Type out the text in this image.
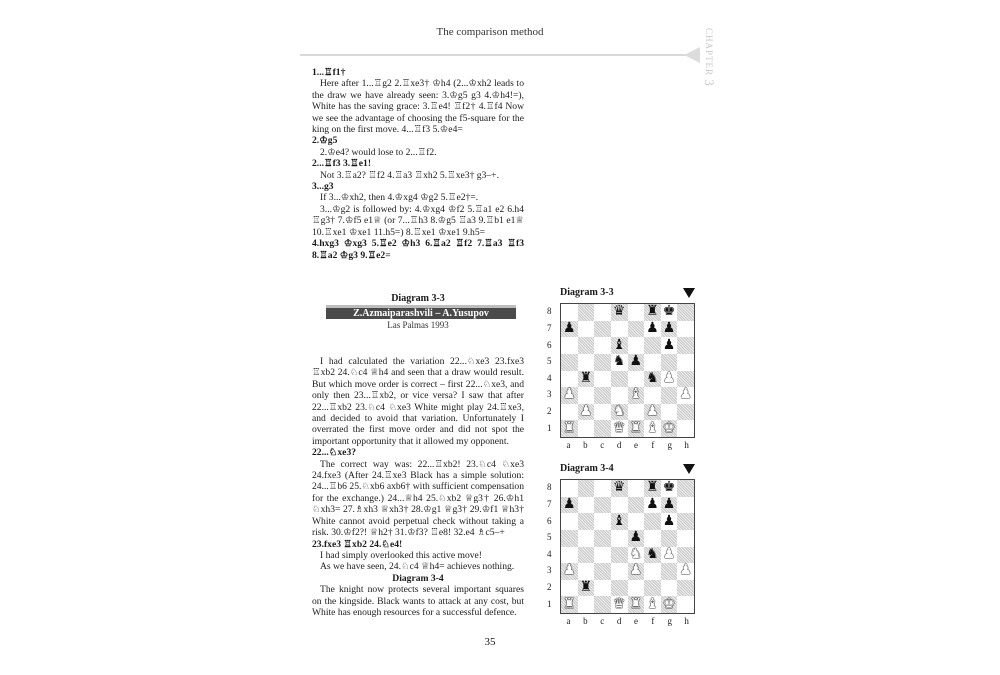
The comparison method	CHAPTER 3

1...♖f1†

Here after 1...♖g2 2.♖xe3† ♔h4 (2...♔xh2 leads to the draw we have already seen: 3.♔g5 g3 4.♔h4!=), White has the saving grace: 3.♖e4! ♖f2† 4.♖f4 Now we see the advantage of choosing the f5-square for the king on the first move. 4...♖f3 5.♔e4=

2.♔g5

2.♔e4? would lose to 2...♖f2.

2...♖f3 3.♖e1!

Not 3.♖a2? ♖f2 4.♖a3 ♖xh2 5.♖xe3† g3–+.

3...g3

If 3...♔xh2, then 4.♔xg4 ♔g2 5.♖e2†=.

3...♔g2 is followed by: 4.♔xg4 ♔f2 5.♖a1 e2 6.h4 ♖g3† 7.♔f5 e1♕ (or 7...♖h3 8.♔g5 ♖a3 9.♖b1 e1♕ 10.♖xe1 ♔xe1 11.h5=) 8.♖xe1 ♔xe1 9.h5=

4.hxg3 ♔xg3 5.♖e2 ♔h3 6.♖a2 ♖f2 7.♖a3 ♖f3 8.♖a2 ♔g3 9.♖e2=

Diagram 3-3
Z.Azmaiparashvili – A.Yusupov
Las Palmas 1993

I had calculated the variation 22...♘xe3 23.fxe3 ♖xb2 24.♘c4 ♕h4 and seen that a draw would result. But which move order is correct – first 22...♘xe3, and only then 23...♖xb2, or vice versa? I saw that after 22...♖xb2 23.♘c4 ♘xe3 White might play 24.♖xe3, and decided to avoid that variation. Unfortunately I overrated the first move order and did not spot the important opportunity that it allowed my opponent.

22...♘xe3?

The correct way was: 22...♖xb2! 23.♘c4 ♘xe3 24.fxe3 (After 24.♖xe3 Black has a simple solution: 24...♖b6 25.♘xb6 axb6† with sufficient compensation for the exchange.) 24...♕h4 25.♘xb2 ♕g3† 26.♔h1 ♘xh3= 27.♗xh3 ♕xh3† 28.♔g1 ♕g3† 29.♔f1 ♕h3† White cannot avoid perpetual check without taking a risk. 30.♔f2?! ♕h2† 31.♔f3? ♖e8! 32.e4 ♗c5–+

23.fxe3 ♖xb2 24.♘e4!

I had simply overlooked this active move!

As we have seen, 24.♘c4 ♕h4= achieves nothing.

Diagram 3-4

The knight now protects several important squares on the kingside. Black wants to attack at any cost, but White has enough resources for a successful defence.

Diagram 3-3
8
7
6
5
4
3
2
1
♛ ♜ ♚
♟	♟ ♟
♝	♟
♞ ♟
♜	♞ ♟
♟	♝	♟
♟ ♞ ♟
♜	♛ ♜ ♝ ♚
a	b	c	d	e	f	g	h
Diagram 3-4
8
7
6
5
4
3
2
1
♛ ♜ ♚
♟	♟ ♟
♝	♟
♟
♞ ♞ ♟
♟	♟	♟
♜
♜	♛ ♜ ♝ ♚
a	b	c	d	e	f	g	h
35
